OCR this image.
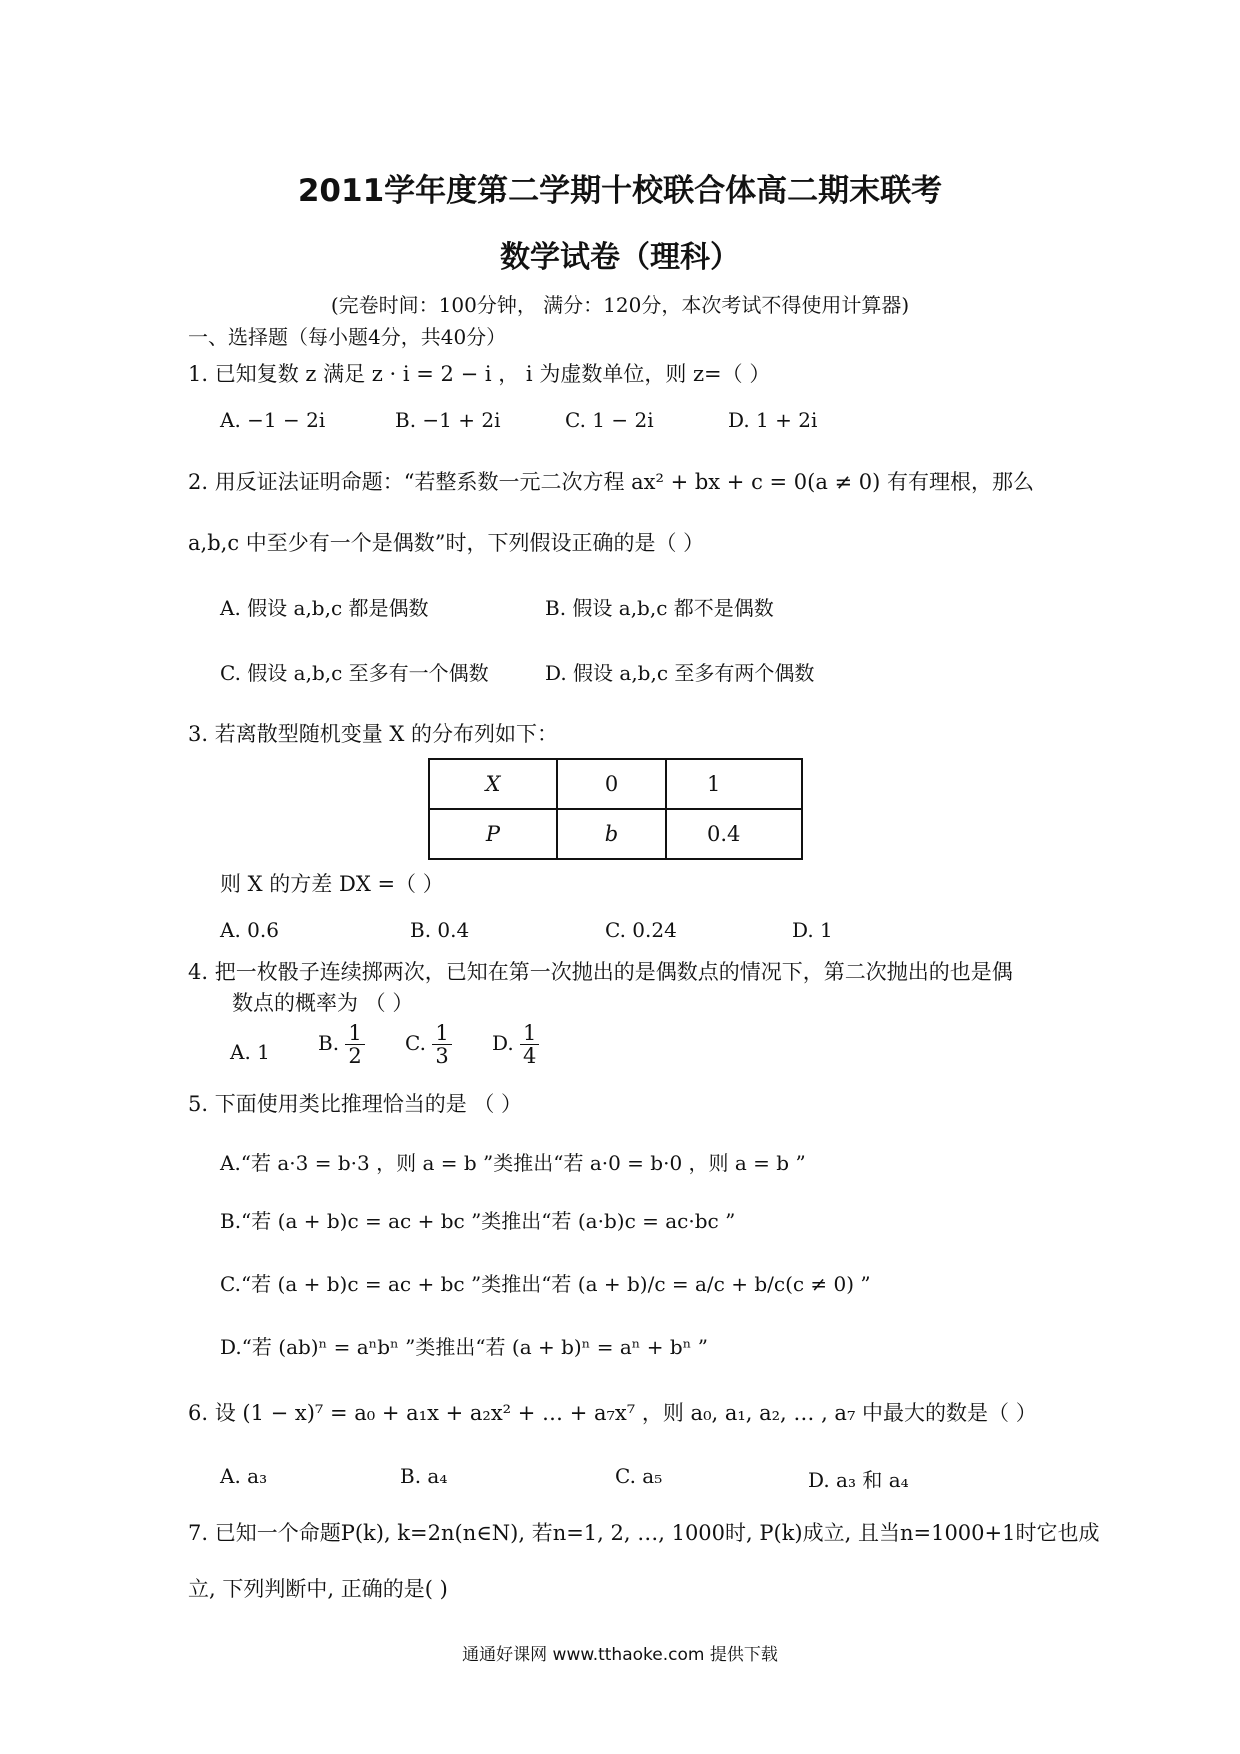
2011学年度第二学期十校联合体高二期末联考
数学试卷（理科）
(完卷时间：100分钟， 满分：120分，本次考试不得使用计算器)
一、选择题（每小题4分，共40分）
1. 已知复数 z 满足 z · i = 2 − i ， i 为虚数单位，则 z=（ ）
A. −1 − 2i	B. −1 + 2i	C. 1 − 2i	D. 1 + 2i
2. 用反证法证明命题：“若整系数一元二次方程 ax² + bx + c = 0(a ≠ 0) 有有理根，那么
a,b,c 中至少有一个是偶数”时，下列假设正确的是（ ）
A. 假设 a,b,c 都是偶数	B. 假设 a,b,c 都不是偶数
C. 假设 a,b,c 至多有一个偶数	D. 假设 a,b,c 至多有两个偶数
3. 若离散型随机变量 X 的分布列如下：
X	0	1
P	b	0.4
则 X 的方差 DX =（ ）
A. 0.6	B. 0.4	C. 0.24	D. 1
4. 把一枚骰子连续掷两次，已知在第一次抛出的是偶数点的情况下，第二次抛出的也是偶
数点的概率为 （ ）
A. 1 B. $\frac{1}{2} C$. $\frac{1}{3} D$. $\frac{1}{4}$
5. 下面使用类比推理恰当的是 （ ）
A.“若 a·3 = b·3 ，则 a = b ”类推出“若 a·0 = b·0 ，则 a = b ”
B.“若 (a + b)c = ac + bc ”类推出“若 (a·b)c = ac·bc ”
C.“若 (a + b)c = ac + bc ”类推出“若 (a + b)/c = a/c + b/c(c ≠ 0) ”
D.“若 (ab)ⁿ = aⁿbⁿ ”类推出“若 (a + b)ⁿ = aⁿ + bⁿ ”
6. 设 (1 − x)⁷ = a₀ + a₁x + a₂x² + … + a₇x⁷ ，则 a₀, a₁, a₂, … , a₇ 中最大的数是（ ）
A. a₃	B. a₄	C. a₅	D. a₃ 和 a₄
7. 已知一个命题P(k), k=2n(n∈N), 若n=1, 2, …, 1000时, P(k)成立, 且当n=1000+1时它也成
立, 下列判断中, 正确的是( )
通通好课网 www.tthaoke.com 提供下载
